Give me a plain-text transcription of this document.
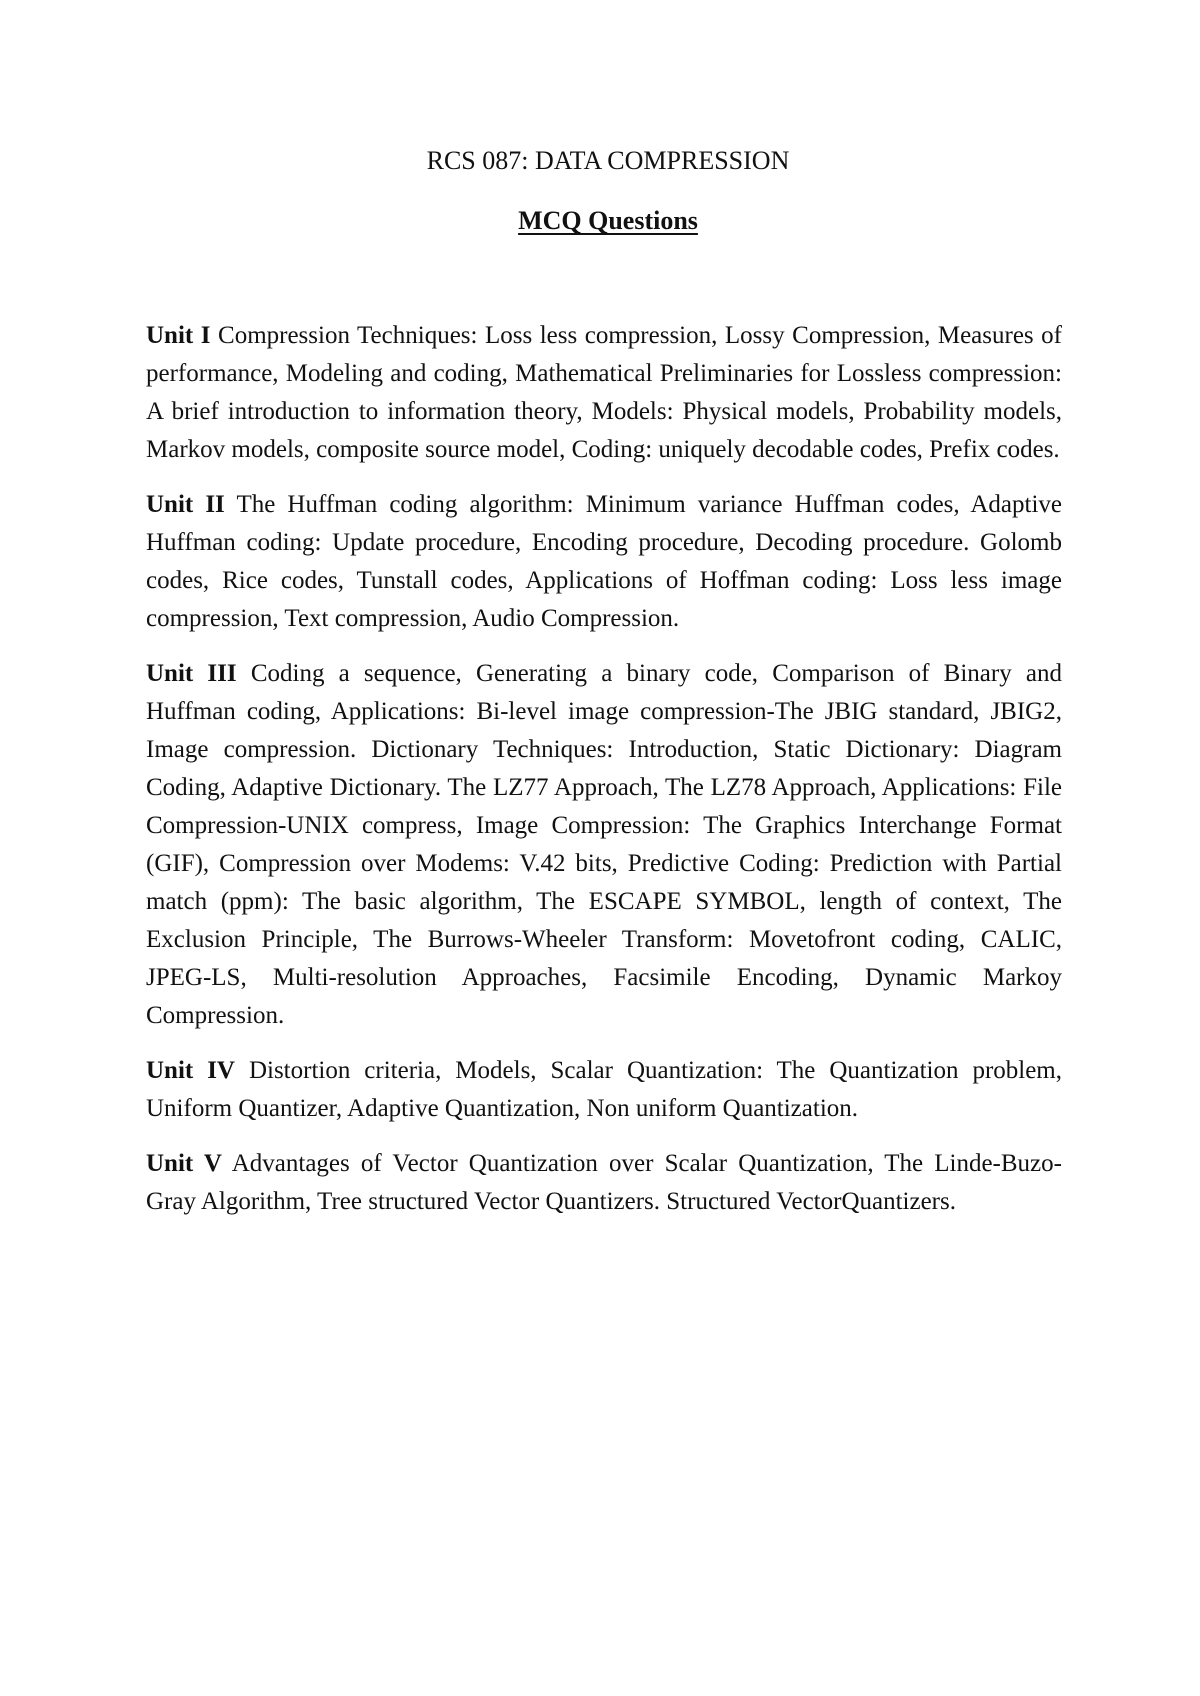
RCS 087: DATA COMPRESSION
MCQ Questions

Unit I Compression Techniques: Loss less compression, Lossy Compression, Measures of performance, Modeling and coding, Mathematical Preliminaries for Lossless compression: A brief introduction to information theory, Models: Physical models, Probability models, Markov models, composite source model, Coding: uniquely decodable codes, Prefix codes.

Unit II The Huffman coding algorithm: Minimum variance Huffman codes, Adaptive Huffman coding: Update procedure, Encoding procedure, Decoding procedure. Golomb codes, Rice codes, Tunstall codes, Applications of Hoffman coding: Loss less image compression, Text compression, Audio Compression.

Unit III Coding a sequence, Generating a binary code, Comparison of Binary and Huffman coding, Applications: Bi-level image compression-The JBIG standard, JBIG2, Image compression. Dictionary Techniques: Introduction, Static Dictionary: Diagram Coding, Adaptive Dictionary. The LZ77 Approach, The LZ78 Approach, Applications: File Compression-UNIX compress, Image Compression: The Graphics Interchange Format (GIF), Compression over Modems: V.42 bits, Predictive Coding: Prediction with Partial match (ppm): The basic algorithm, The ESCAPE SYMBOL, length of context, The Exclusion Principle, The Burrows-Wheeler Transform: Movetofront coding, CALIC, JPEG-LS, Multi-resolution Approaches, Facsimile Encoding, Dynamic Markoy Compression.

Unit IV Distortion criteria, Models, Scalar Quantization: The Quantization problem, Uniform Quantizer, Adaptive Quantization, Non uniform Quantization.

Unit V Advantages of Vector Quantization over Scalar Quantization, The Linde-Buzo-Gray Algorithm, Tree structured Vector Quantizers. Structured VectorQuantizers.
